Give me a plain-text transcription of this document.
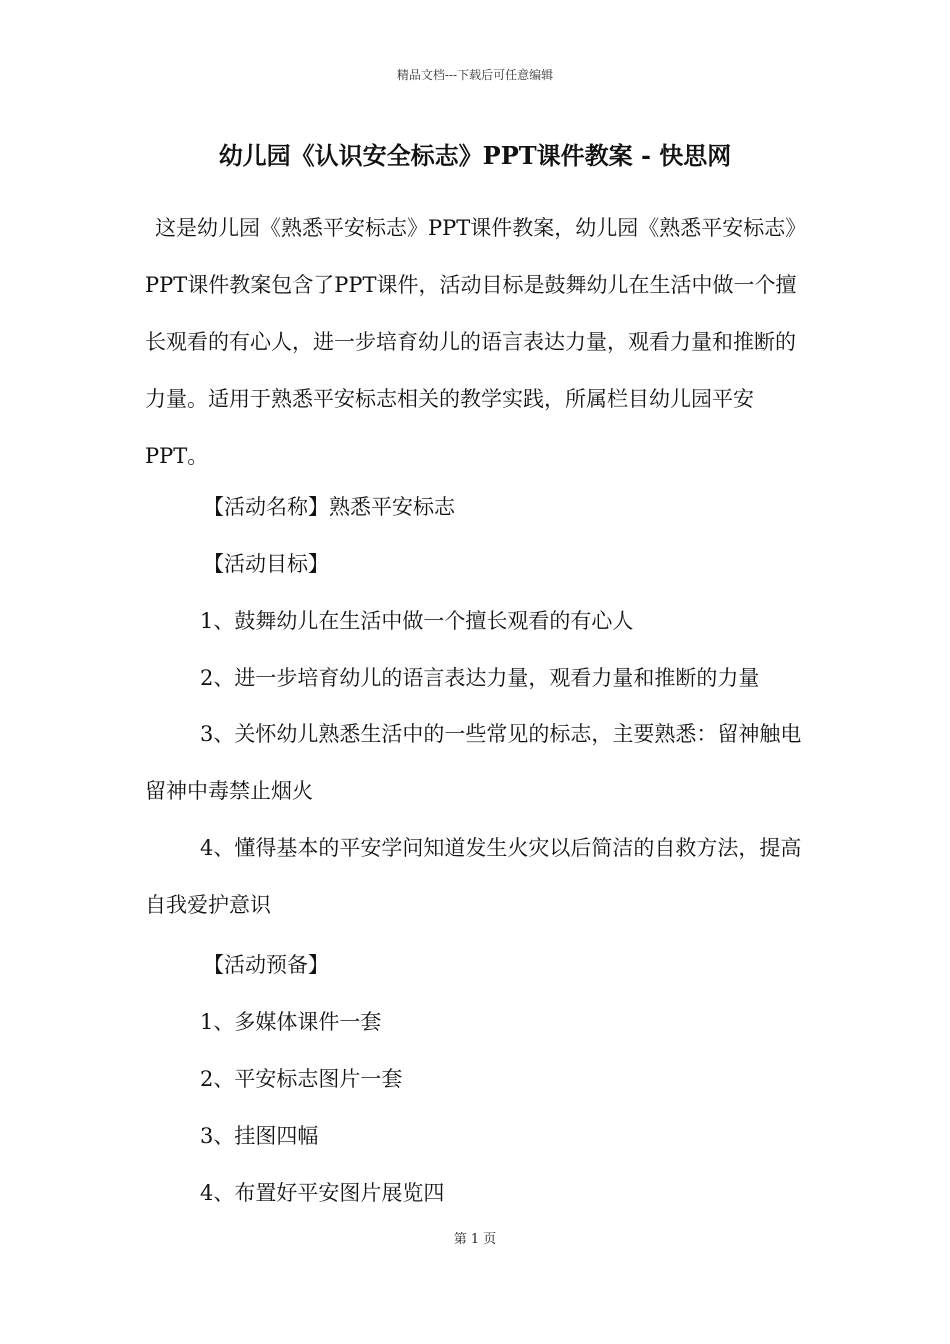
精品文档---下载后可任意编辑
幼儿园《认识安全标志》PPT课件教案 - 快思网

这是幼儿园《熟悉平安标志》PPT课件教案，幼儿园《熟悉平安标志》PPT课件教案包含了PPT课件，活动目标是鼓舞幼儿在生活中做一个擅长观看的有心人，进一步培育幼儿的语言表达力量，观看力量和推断的力量。适用于熟悉平安标志相关的教学实践，所属栏目幼儿园平安PPT。

【活动名称】熟悉平安标志

【活动目标】

1、鼓舞幼儿在生活中做一个擅长观看的有心人

2、进一步培育幼儿的语言表达力量，观看力量和推断的力量

3、关怀幼儿熟悉生活中的一些常见的标志，主要熟悉：留神触电留神中毒禁止烟火

4、懂得基本的平安学问知道发生火灾以后简洁的自救方法，提高自我爱护意识

【活动预备】

1、多媒体课件一套

2、平安标志图片一套

3、挂图四幅

4、布置好平安图片展览四

第 1 页
